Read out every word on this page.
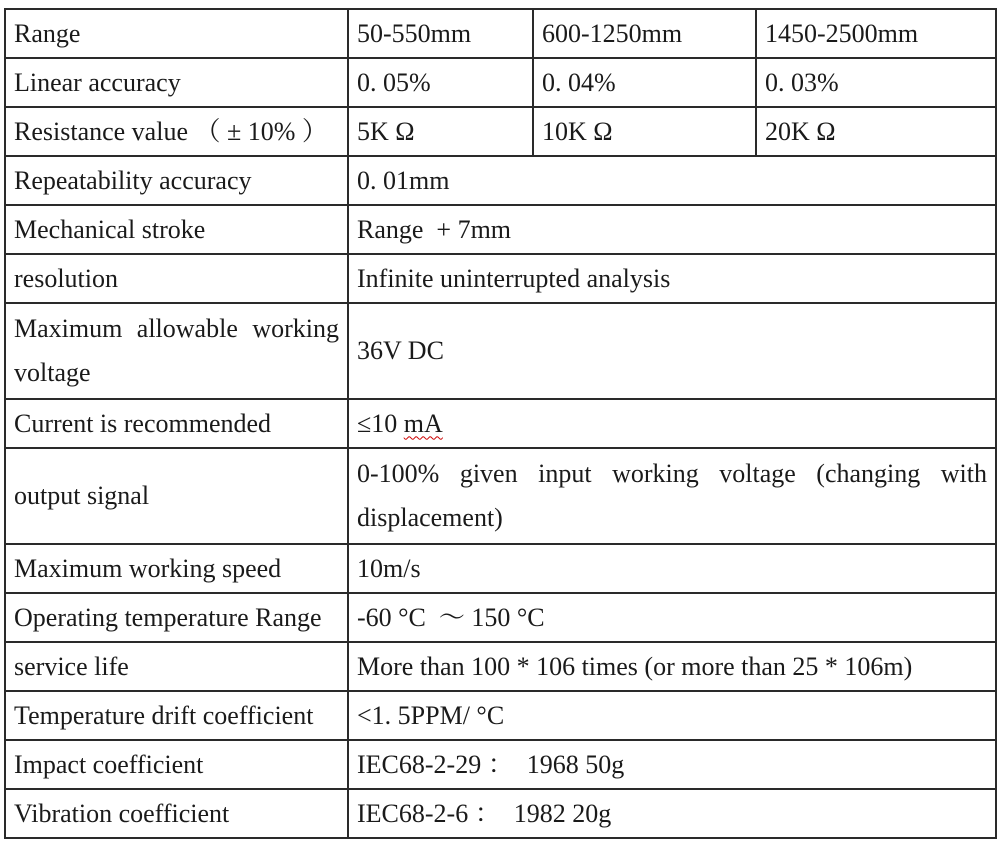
Range	50-550mm	600-1250mm	1450-2500mm
Linear accuracy	0. 05%	0. 04%	0. 03%
Resistance value （ ± 10% ）	5K Ω	10K Ω	20K Ω
Repeatability accuracy	0. 01mm		
Mechanical stroke	Range  + 7mm		
resolution	Infinite uninterrupted analysis		
Maximum allowable working voltage	36V DC		
Current is recommended	≤10 mA		
output signal	0-100% given input working voltage (changing with displacement)		
Maximum working speed	10m/s		
Operating temperature Range	-60 °C  ～ 150 °C		
service life	More than 100 * 106 times (or more than 25 * 106m)		
Temperature drift coefficient	<1. 5PPM/ °C		
Impact coefficient	IEC68-2-29 ：  1968 50g		
Vibration coefficient	IEC68-2-6 ：  1982 20g		
